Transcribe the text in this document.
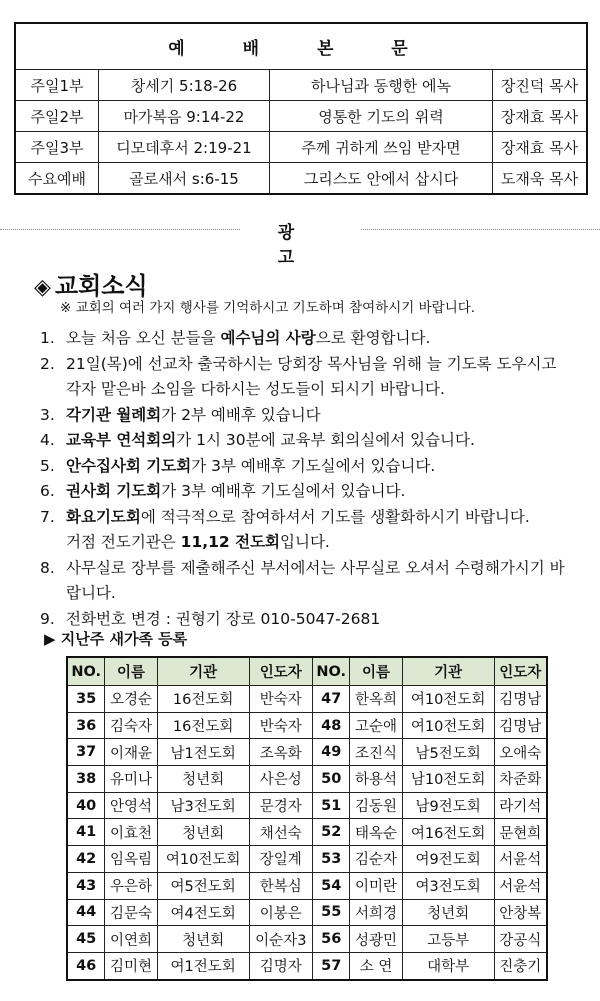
예 배 본 문			
주일1부	창세기 5:18-26	하나님과 동행한 에녹	장진덕 목사
주일2부	마가복음 9:14-22	영통한 기도의 위력	장재효 목사
주일3부	디모데후서 2:19-21	주께 귀하게 쓰임 받자면	장재효 목사
수요예배	골로새서 s:6-15	그리스도 안에서 삽시다	도재욱 목사
광 고
◈ 교회소식
※ 교회의 여러 가지 행사를 기억하시고 기도하며 참여하시기 바랍니다.
1. 오늘 처음 오신 분들을 예수님의 사랑으로 환영합니다.
2. 21일(목)에 선교차 출국하시는 당회장 목사님을 위해 늘 기도록 도우시고 각자 맡은바 소임을 다하시는 성도들이 되시기 바랍니다.
3. 각기관 월례회가 2부 예배후 있습니다
4. 교육부 연석회의가 1시 30분에 교육부 회의실에서 있습니다.
5. 안수집사회 기도회가 3부 예배후 기도실에서 있습니다.
6. 권사회 기도회가 3부 예배후 기도실에서 있습니다.
7. 화요기도회에 적극적으로 참여하셔서 기도를 생활화하시기 바랍니다.
거점 전도기관은 11,12 전도회입니다.
8. 사무실로 장부를 제출해주신 부서에서는 사무실로 오셔서 수령해가시기 바랍니다.
9. 전화번호 변경 : 권형기 장로 010-5047-2681
▶ 지난주 새가족 등록
NO.	이름	기관	인도자	NO.	이름	기관	인도자
35	오경순	16전도회	반숙자	47	한옥희	여10전도회	김명남
36	김숙자	16전도회	반숙자	48	고순애	여10전도회	김명남
37	이재윤	남1전도회	조옥화	49	조진식	남5전도회	오애숙
38	유미나	청년회	사은성	50	하용석	남10전도회	차준화
40	안영석	남3전도회	문경자	51	김동원	남9전도회	라기석
41	이효천	청년회	채선숙	52	태옥순	여16전도회	문현희
42	임옥림	여10전도회	장일계	53	김순자	여9전도회	서윤석
43	우은하	여5전도회	한복심	54	이미란	여3전도회	서윤석
44	김문숙	여4전도회	이봉은	55	서희경	청년회	안창복
45	이연희	청년회	이순자3	56	성광민	고등부	강공식
46	김미현	여1전도회	김명자	57	소 연	대학부	진충기
